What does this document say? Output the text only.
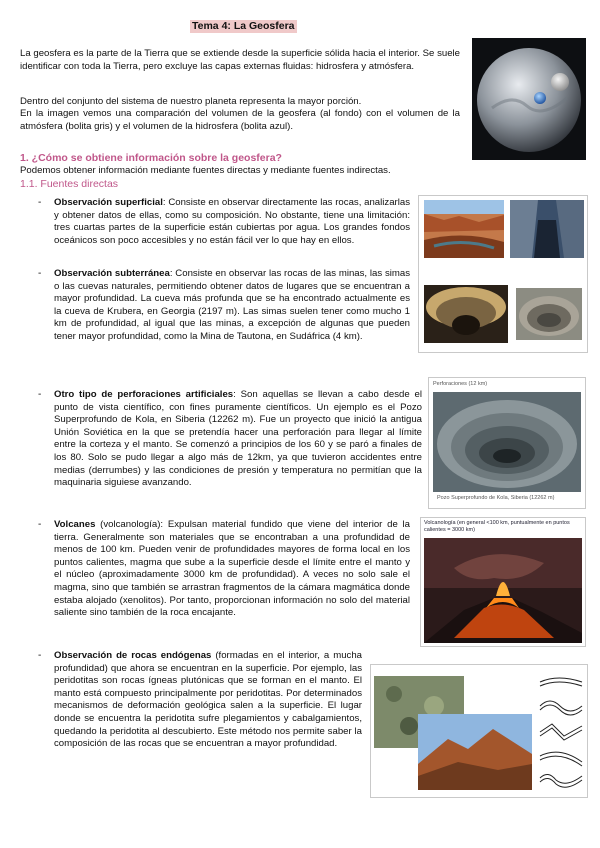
Tema 4: La Geosfera
La geosfera es la parte de la Tierra que se extiende desde la superficie sólida hacia el interior. Se suele identificar con toda la Tierra, pero excluye las capas externas fluidas: hidrosfera y atmósfera.
Dentro del conjunto del sistema de nuestro planeta representa la mayor porción.
En la imagen vemos una comparación del volumen de la geosfera (al fondo) con el volumen de la atmósfera (bolita gris) y el volumen de la hidrosfera (bolita azul).
1. ¿Cómo se obtiene información sobre la geosfera?
Podemos obtener información mediante fuentes directas y mediante fuentes indirectas.
1.1. Fuentes directas
- Observación superficial: Consiste en observar directamente las rocas, analizarlas y obtener datos de ellas, como su composición. No obstante, tiene una limitación: tres cuartas partes de la superficie están cubiertas por agua. Los grandes fondos oceánicos son poco accesibles y no están fácil ver lo que hay en ellos.
- Observación subterránea: Consiste en observar las rocas de las minas, las simas o las cuevas naturales, permitiendo obtener datos de lugares que se encuentran a mayor profundidad. La cueva más profunda que se ha encontrado actualmente es la cueva de Krubera, en Georgia (2197 m). Las simas suelen tener como mucho 1 km de profundidad, al igual que las minas, a excepción de algunas que pueden tener mayor profundidad, como la Mina de Tautona, en Sudáfrica (4 km).
- Otro tipo de perforaciones artificiales: Son aquellas se llevan a cabo desde el punto de vista científico, con fines puramente científicos. Un ejemplo es el Pozo Superprofundo de Kola, en Siberia (12262 m). Fue un proyecto que inició la antigua Unión Soviética en la que se pretendía hacer una perforación para llegar al límite entre la corteza y el manto. Se comenzó a principios de los 60 y se paró a finales de los 80. Solo se pudo llegar a algo más de 12km, ya que tuvieron accidentes entre medias (derrumbes) y las condiciones de presión y temperatura no permitían que la maquinaria siguiese avanzando.
Perforaciones (12 km)
Pozo Superprofundo de Kola, Siberia (12262 m)
- Volcanes (volcanología): Expulsan material fundido que viene del interior de la tierra. Generalmente son materiales que se encontraban a una profundidad de menos de 100 km. Pueden venir de profundidades mayores de forma local en los puntos calientes, magma que sube a la superficie desde el límite entre el manto y el núcleo (aproximadamente 3000 km de profundidad). A veces no solo sale el magma, sino que también se arrastran fragmentos de la cámara magmática donde estaba alojado (xenolitos). Por tanto, proporcionan información no solo del material saliente sino también de la roca encajante.
Volcanología (en general <100 km, puntualmente en puntos calientes = 3000 km)
- Observación de rocas endógenas (formadas en el interior, a mucha profundidad) que ahora se encuentran en la superficie. Por ejemplo, las peridotitas son rocas ígneas plutónicas que se forman en el manto. El manto está compuesto principalmente por peridotitas. Por determinados mecanismos de deformación geológica salen a la superficie. El lugar donde se encuentra la peridotita sufre plegamientos y cabalgamientos, quedando la peridotita al descubierto. Este método nos permite saber la composición de las rocas que se encuentran a mayor profundidad.
